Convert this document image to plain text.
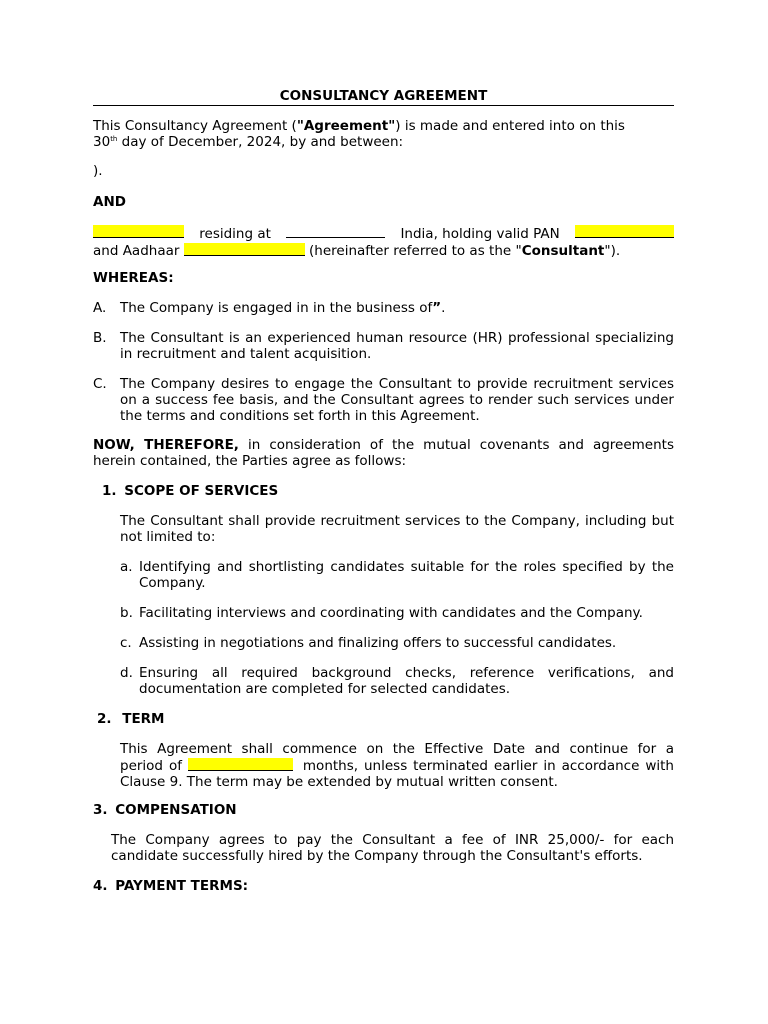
CONSULTANCY AGREEMENT

This Consultancy Agreement ("Agreement") is made and entered into on this
30th day of December, 2024, by and between:

).

AND

residing at	India, holding valid PAN
and Aadhaar	(hereinafter referred to as the "Consultant").

WHEREAS:

A.	The Company is engaged in in the business of”.
B. The Consultant is an experienced human resource (HR) professional specializing in recruitment and talent acquisition.
C. The Company desires to engage the Consultant to provide recruitment services on a success fee basis, and the Consultant agrees to render such services under the terms and conditions set forth in this Agreement.

NOW, THEREFORE, in consideration of the mutual covenants and agreements herein contained, the Parties agree as follows:

1. SCOPE OF SERVICES

The Consultant shall provide recruitment services to the Company, including but not limited to:

a. Identifying and shortlisting candidates suitable for the roles specified by the Company.
b. Facilitating interviews and coordinating with candidates and the Company.
c. Assisting in negotiations and finalizing offers to successful candidates.
d. Ensuring all required background checks, reference verifications, and documentation are completed for selected candidates.
2. TERM

This Agreement shall commence on the Effective Date and continue for a

period of	months, unless terminated earlier in accordance with Clause 9. The term may be extended by mutual written consent.

3. COMPENSATION

The Company agrees to pay the Consultant a fee of INR 25,000/- for each candidate successfully hired by the Company through the Consultant's efforts.

4. PAYMENT TERMS:
